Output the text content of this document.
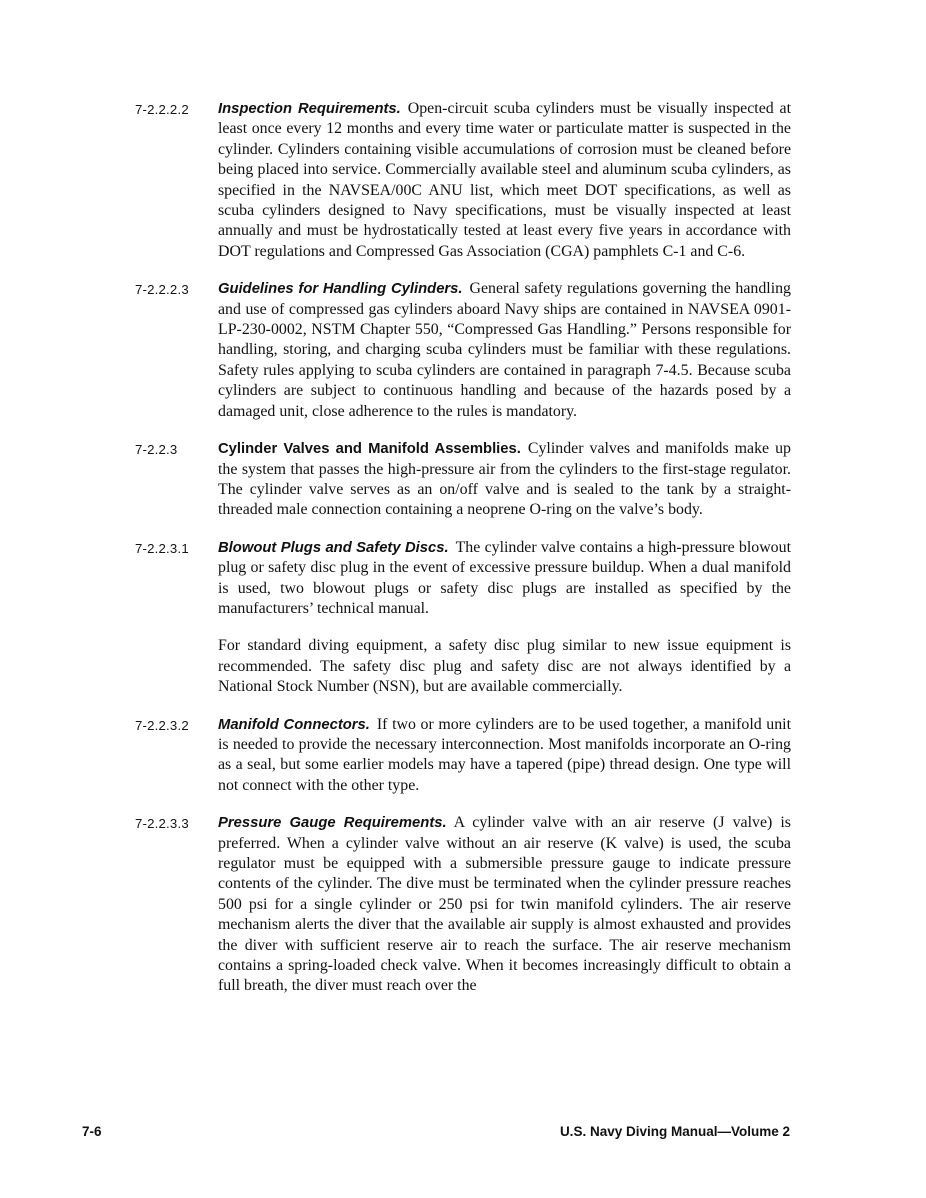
7-2.2.2.2	Inspection Requirements. Open-circuit scuba cylinders must be visually inspected at least once every 12 months and every time water or particulate matter is suspected in the cylinder. Cylinders containing visible accumulations of corrosion must be cleaned before being placed into service. Commercially available steel and aluminum scuba cylinders, as specified in the NAVSEA/00C ANU list, which meet DOT specifications, as well as scuba cylinders designed to Navy specifications, must be visually inspected at least annually and must be hydrostatically tested at least every five years in accordance with DOT regulations and Compressed Gas Association (CGA) pamphlets C-1 and C-6.

7-2.2.2.3	Guidelines for Handling Cylinders. General safety regulations governing the handling and use of compressed gas cylinders aboard Navy ships are contained in NAVSEA 0901-LP-230-0002, NSTM Chapter 550, “Compressed Gas Handling.” Persons responsible for handling, storing, and charging scuba cylinders must be familiar with these regulations. Safety rules applying to scuba cylinders are contained in paragraph 7-4.5. Because scuba cylinders are subject to continuous handling and because of the hazards posed by a damaged unit, close adherence to the rules is mandatory.

7-2.2.3	Cylinder Valves and Manifold Assemblies. Cylinder valves and manifolds make up the system that passes the high-pressure air from the cylinders to the first-stage regulator. The cylinder valve serves as an on/off valve and is sealed to the tank by a straight-threaded male connection containing a neoprene O-ring on the valve’s body.

7-2.2.3.1	Blowout Plugs and Safety Discs. The cylinder valve contains a high-pressure blowout plug or safety disc plug in the event of excessive pressure buildup. When a dual manifold is used, two blowout plugs or safety disc plugs are installed as specified by the manufacturers’ technical manual.

For standard diving equipment, a safety disc plug similar to new issue equipment is recommended. The safety disc plug and safety disc are not always identified by a National Stock Number (NSN), but are available commercially.

7-2.2.3.2	Manifold Connectors. If two or more cylinders are to be used together, a manifold unit is needed to provide the necessary interconnection. Most manifolds incorporate an O-ring as a seal, but some earlier models may have a tapered (pipe) thread design. One type will not connect with the other type.

7-2.2.3.3	Pressure Gauge Requirements. A cylinder valve with an air reserve (J valve) is preferred. When a cylinder valve without an air reserve (K valve) is used, the scuba regulator must be equipped with a submersible pressure gauge to indicate pressure contents of the cylinder. The dive must be terminated when the cylinder pressure reaches 500 psi for a single cylinder or 250 psi for twin manifold cylinders. The air reserve mechanism alerts the diver that the available air supply is almost exhausted and provides the diver with sufficient reserve air to reach the surface. The air reserve mechanism contains a spring-loaded check valve. When it becomes increasingly difficult to obtain a full breath, the diver must reach over the

7-6	U.S. Navy Diving Manual—Volume 2
